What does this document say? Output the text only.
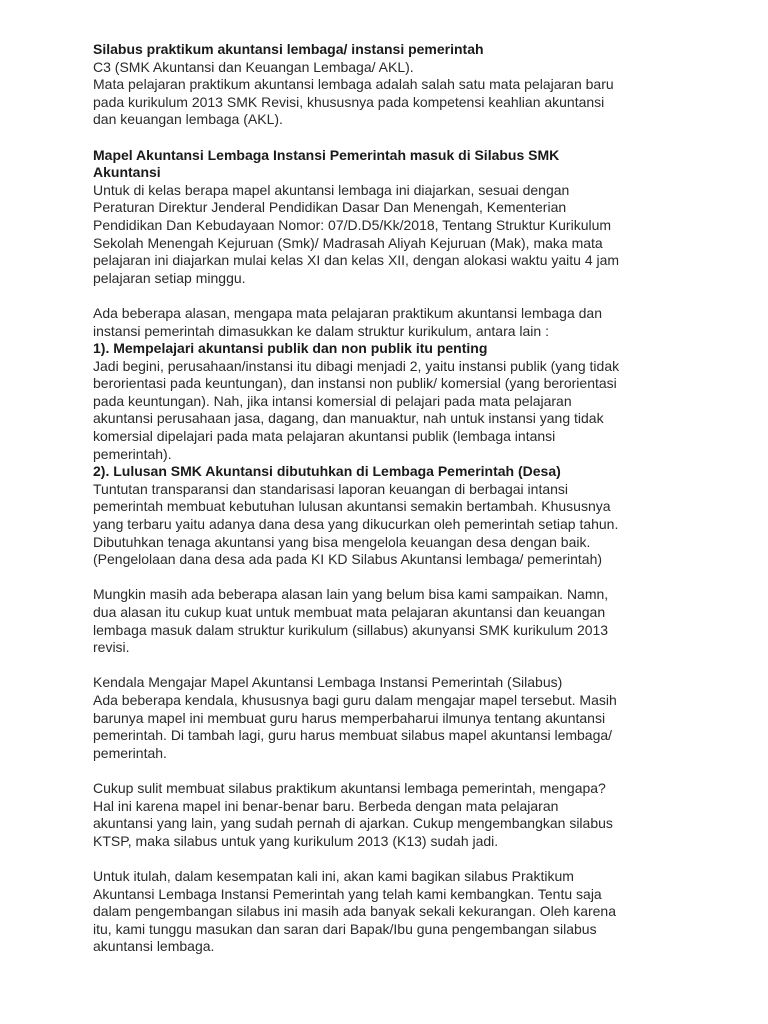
Silabus praktikum akuntansi lembaga/ instansi pemerintah
C3 (SMK Akuntansi dan Keuangan Lembaga/ AKL).
Mata pelajaran praktikum akuntansi lembaga adalah salah satu mata pelajaran baru
pada kurikulum 2013 SMK Revisi, khususnya pada kompetensi keahlian akuntansi
dan keuangan lembaga (AKL).
Mapel Akuntansi Lembaga Instansi Pemerintah masuk di Silabus SMK
Akuntansi
Untuk di kelas berapa mapel akuntansi lembaga ini diajarkan, sesuai dengan
Peraturan Direktur Jenderal Pendidikan Dasar Dan Menengah, Kementerian
Pendidikan Dan Kebudayaan Nomor: 07/D.D5/Kk/2018, Tentang Struktur Kurikulum
Sekolah Menengah Kejuruan (Smk)/ Madrasah Aliyah Kejuruan (Mak), maka mata
pelajaran ini diajarkan mulai kelas XI dan kelas XII, dengan alokasi waktu yaitu 4 jam
pelajaran setiap minggu.
Ada beberapa alasan, mengapa mata pelajaran praktikum akuntansi lembaga dan
instansi pemerintah dimasukkan ke dalam struktur kurikulum, antara lain :
1). Mempelajari akuntansi publik dan non publik itu penting
Jadi begini, perusahaan/instansi itu dibagi menjadi 2, yaitu instansi publik (yang tidak
berorientasi pada keuntungan), dan instansi non publik/ komersial (yang berorientasi
pada keuntungan). Nah, jika intansi komersial di pelajari pada mata pelajaran
akuntansi perusahaan jasa, dagang, dan manuaktur, nah untuk instansi yang tidak
komersial dipelajari pada mata pelajaran akuntansi publik (lembaga intansi
pemerintah).
2). Lulusan SMK Akuntansi dibutuhkan di Lembaga Pemerintah (Desa)
Tuntutan transparansi dan standarisasi laporan keuangan di berbagai intansi
pemerintah membuat kebutuhan lulusan akuntansi semakin bertambah. Khususnya
yang terbaru yaitu adanya dana desa yang dikucurkan oleh pemerintah setiap tahun.
Dibutuhkan tenaga akuntansi yang bisa mengelola keuangan desa dengan baik.
(Pengelolaan dana desa ada pada KI KD Silabus Akuntansi lembaga/ pemerintah)
Mungkin masih ada beberapa alasan lain yang belum bisa kami sampaikan. Namn,
dua alasan itu cukup kuat untuk membuat mata pelajaran akuntansi dan keuangan
lembaga masuk dalam struktur kurikulum (sillabus) akunyansi SMK kurikulum 2013
revisi.
Kendala Mengajar Mapel Akuntansi Lembaga Instansi Pemerintah (Silabus)
Ada beberapa kendala, khususnya bagi guru dalam mengajar mapel tersebut. Masih
barunya mapel ini membuat guru harus memperbaharui ilmunya tentang akuntansi
pemerintah. Di tambah lagi, guru harus membuat silabus mapel akuntansi lembaga/
pemerintah.
Cukup sulit membuat silabus praktikum akuntansi lembaga pemerintah, mengapa?
Hal ini karena mapel ini benar-benar baru. Berbeda dengan mata pelajaran
akuntansi yang lain, yang sudah pernah di ajarkan. Cukup mengembangkan silabus
KTSP, maka silabus untuk yang kurikulum 2013 (K13) sudah jadi.
Untuk itulah, dalam kesempatan kali ini, akan kami bagikan silabus Praktikum
Akuntansi Lembaga Instansi Pemerintah yang telah kami kembangkan. Tentu saja
dalam pengembangan silabus ini masih ada banyak sekali kekurangan. Oleh karena
itu, kami tunggu masukan dan saran dari Bapak/Ibu guna pengembangan silabus
akuntansi lembaga.
